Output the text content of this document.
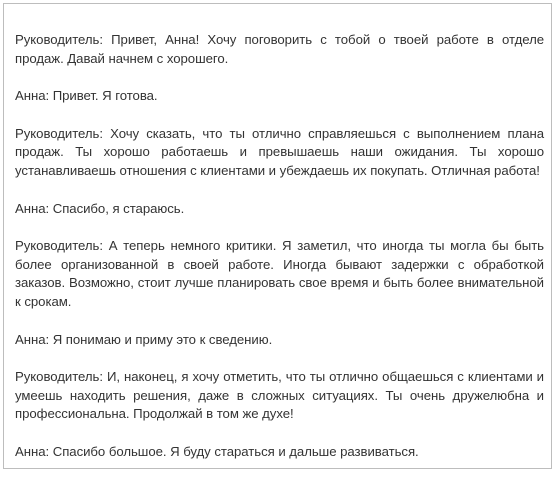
Руководитель: Привет, Анна! Хочу поговорить с тобой о твоей работе в отделе продаж. Давай начнем с хорошего.

Анна: Привет. Я готова.

Руководитель: Хочу сказать, что ты отлично справляешься с выполнением плана продаж. Ты хорошо работаешь и превышаешь наши ожидания. Ты хорошо устанавливаешь отношения с клиентами и убеждаешь их покупать. Отличная работа!

Анна: Спасибо, я стараюсь.

Руководитель: А теперь немного критики. Я заметил, что иногда ты могла бы быть более организованной в своей работе. Иногда бывают задержки с обработкой заказов. Возможно, стоит лучше планировать свое время и быть более внимательной к срокам.

Анна: Я понимаю и приму это к сведению.

Руководитель: И, наконец, я хочу отметить, что ты отлично общаешься с клиентами и умеешь находить решения, даже в сложных ситуациях. Ты очень дружелюбна и профессиональна. Продолжай в том же духе!

Анна: Спасибо большое. Я буду стараться и дальше развиваться.
